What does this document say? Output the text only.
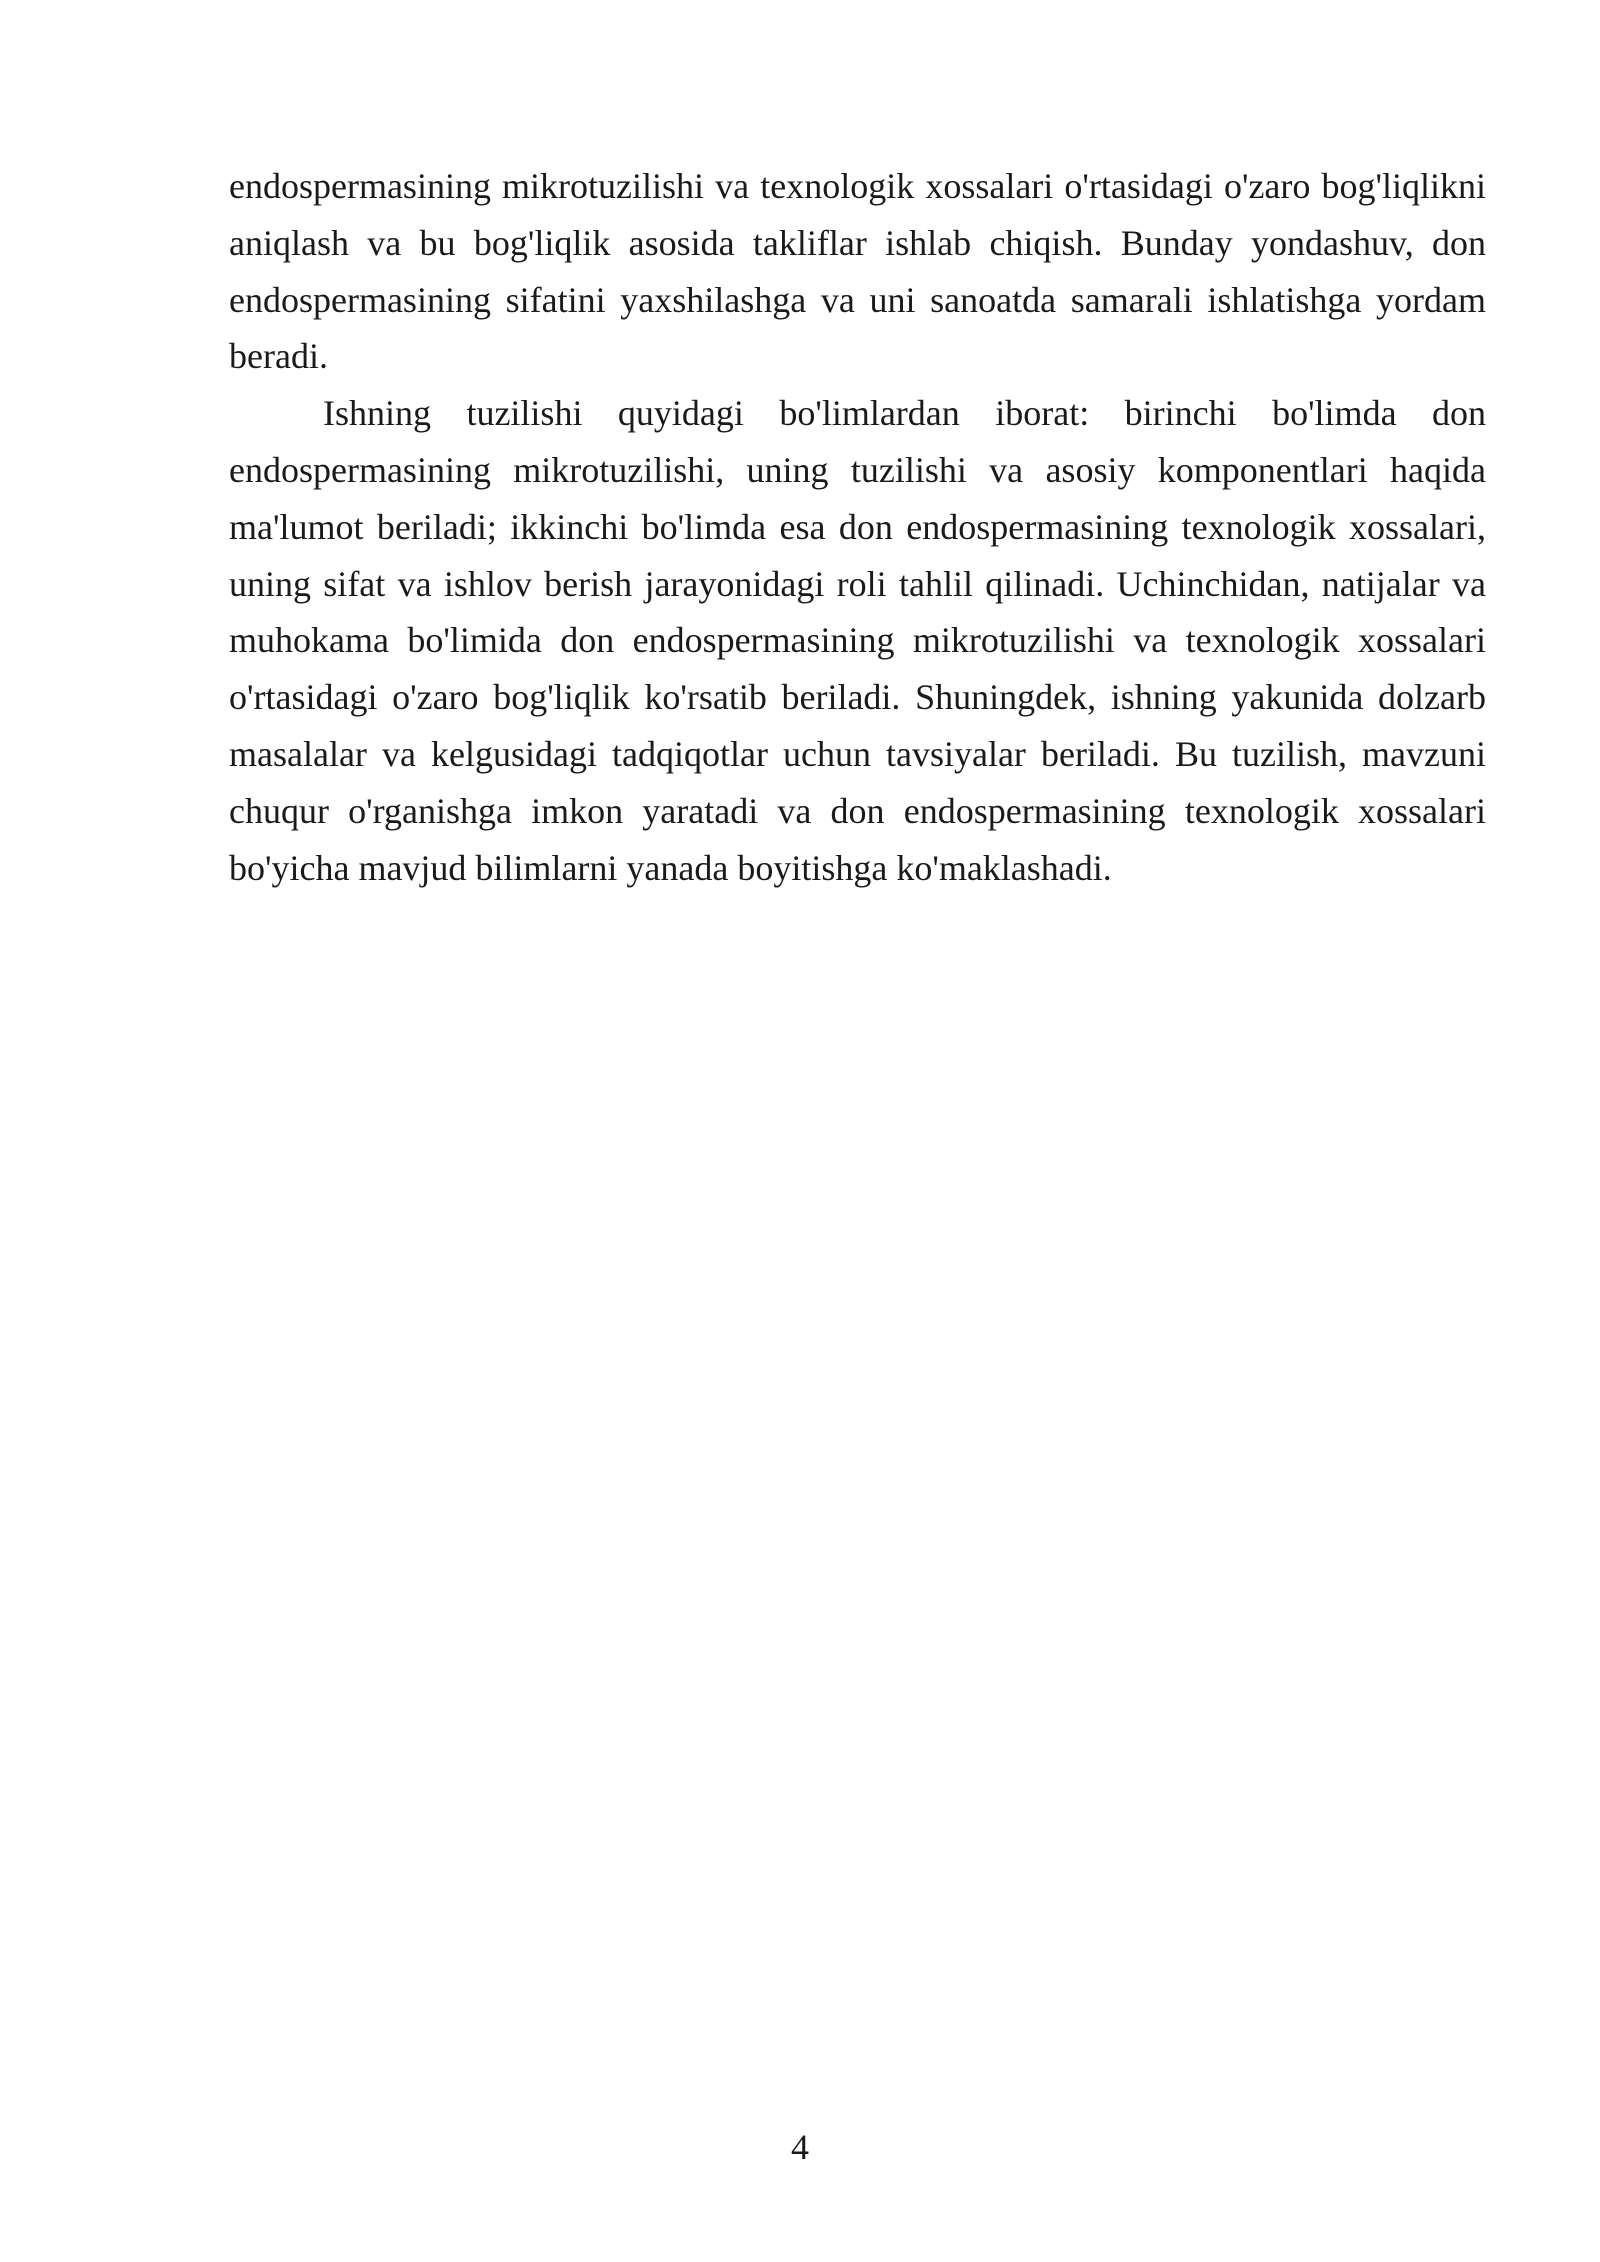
endospermasining mikrotuzilishi va texnologik xossalari o'rtasidagi o'zaro bog'liqlikni aniqlash va bu bog'liqlik asosida takliflar ishlab chiqish. Bunday yondashuv, don endospermasining sifatini yaxshilashga va uni sanoatda samarali ishlatishga yordam beradi.

Ishning tuzilishi quyidagi bo'limlardan iborat: birinchi bo'limda don endospermasining mikrotuzilishi, uning tuzilishi va asosiy komponentlari haqida ma'lumot beriladi; ikkinchi bo'limda esa don endospermasining texnologik xossalari, uning sifat va ishlov berish jarayonidagi roli tahlil qilinadi. Uchinchidan, natijalar va muhokama bo'limida don endospermasining mikrotuzilishi va texnologik xossalari o'rtasidagi o'zaro bog'liqlik ko'rsatib beriladi. Shuningdek, ishning yakunida dolzarb masalalar va kelgusidagi tadqiqotlar uchun tavsiyalar beriladi. Bu tuzilish, mavzuni chuqur o'rganishga imkon yaratadi va don endospermasining texnologik xossalari bo'yicha mavjud bilimlarni yanada boyitishga ko'maklashadi.

4
